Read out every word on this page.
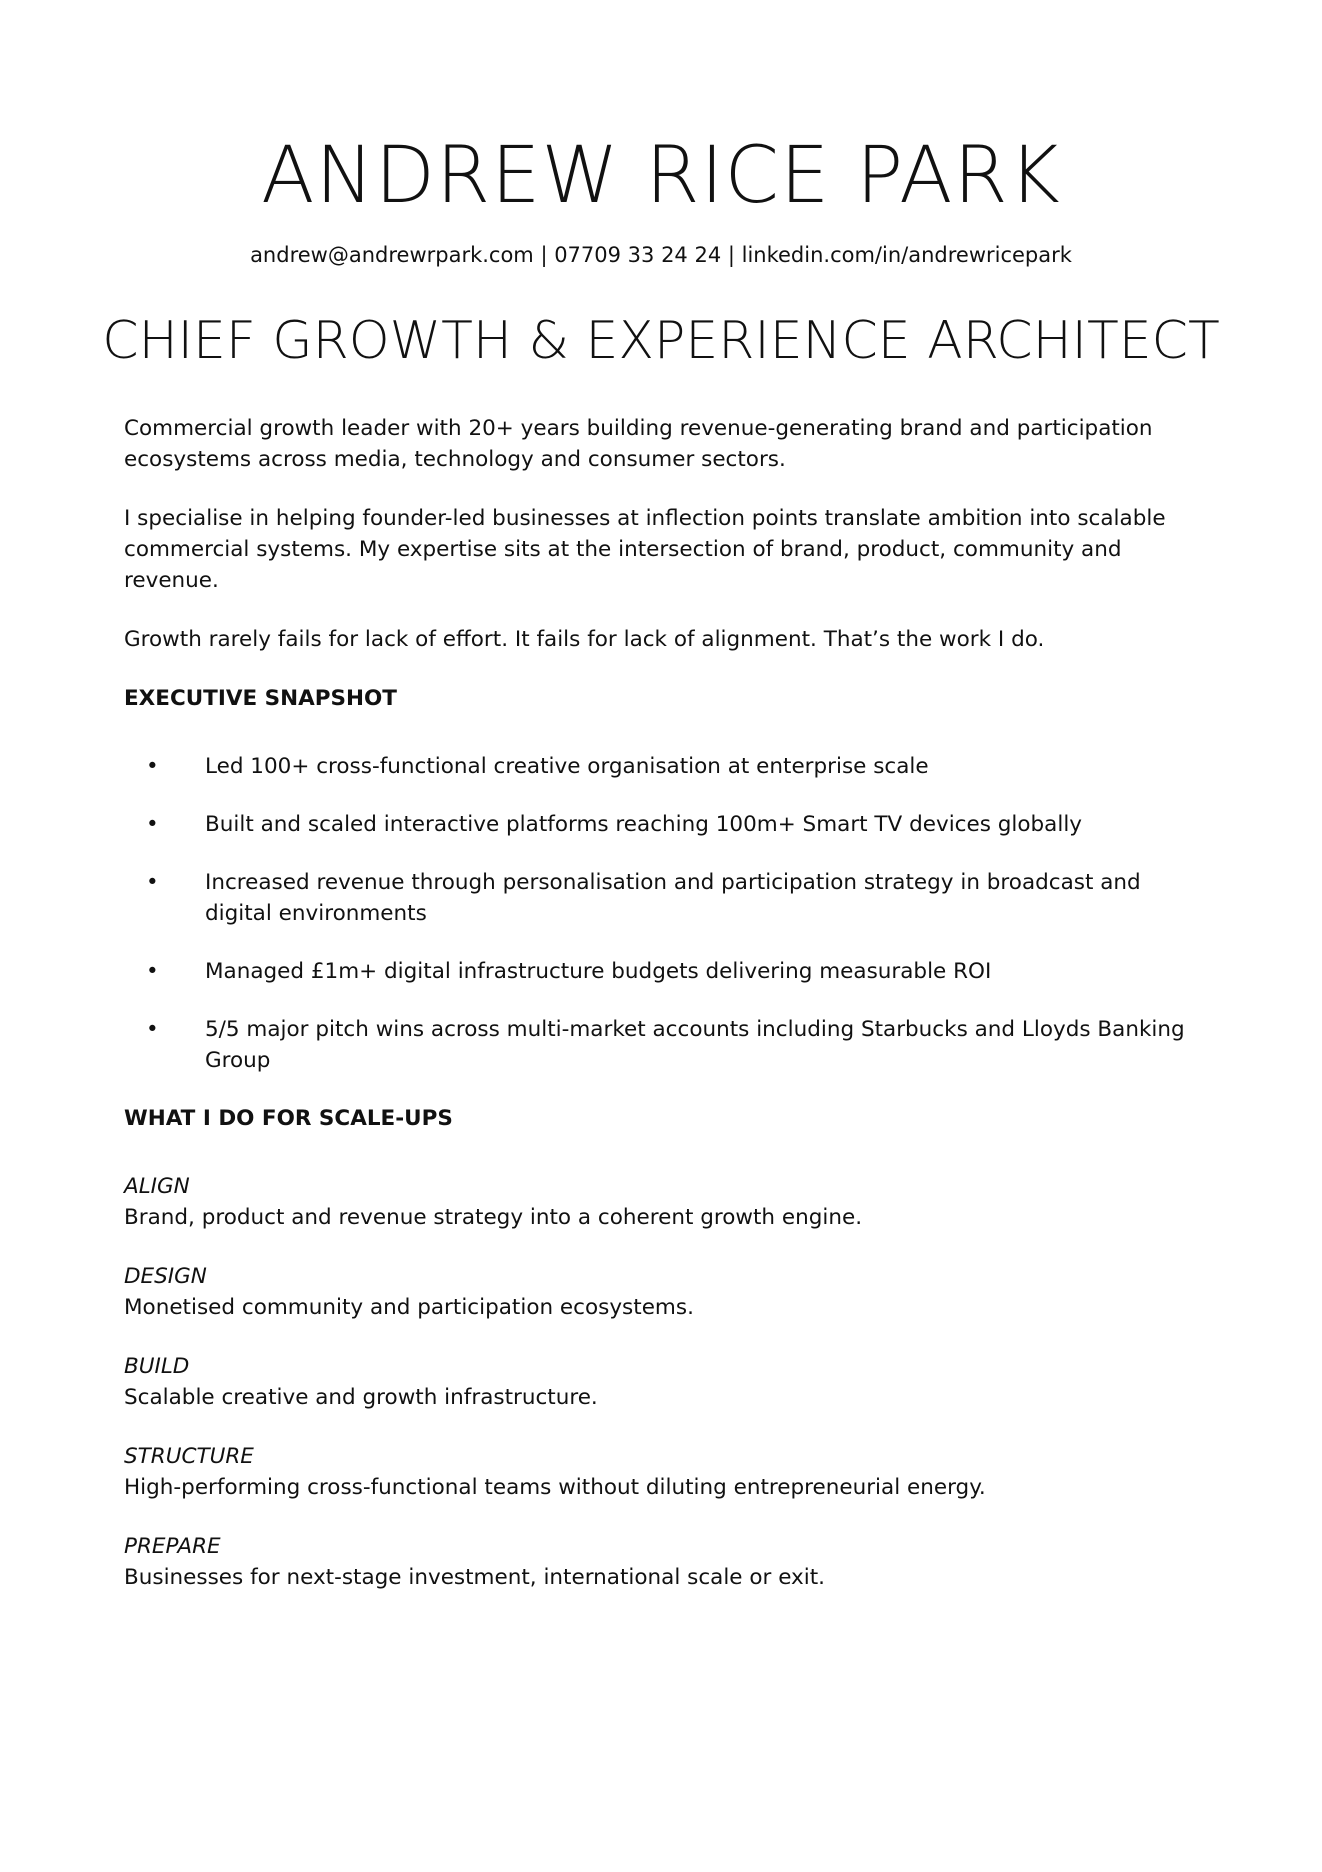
ANDREW RICE PARK
andrew@andrewrpark.com | 07709 33 24 24 | linkedin.com/in/andrewricepark
CHIEF GROWTH & EXPERIENCE ARCHITECT

Commercial growth leader with 20+ years building revenue-generating brand and participation ecosystems across media, technology and consumer sectors.

I specialise in helping founder-led businesses at inflection points translate ambition into scalable commercial systems. My expertise sits at the intersection of brand, product, community and revenue.

Growth rarely fails for lack of effort. It fails for lack of alignment. That’s the work I do.

EXECUTIVE SNAPSHOT
• Led 100+ cross-functional creative organisation at enterprise scale
• Built and scaled interactive platforms reaching 100m+ Smart TV devices globally
• Increased revenue through personalisation and participation strategy in broadcast and digital environments
• Managed £1m+ digital infrastructure budgets delivering measurable ROI
• 5/5 major pitch wins across multi-market accounts including Starbucks and Lloyds Banking Group
WHAT I DO FOR SCALE-UPS
ALIGN
Brand, product and revenue strategy into a coherent growth engine.
DESIGN
Monetised community and participation ecosystems.
BUILD
Scalable creative and growth infrastructure.
STRUCTURE
High-performing cross-functional teams without diluting entrepreneurial energy.
PREPARE
Businesses for next-stage investment, international scale or exit.
